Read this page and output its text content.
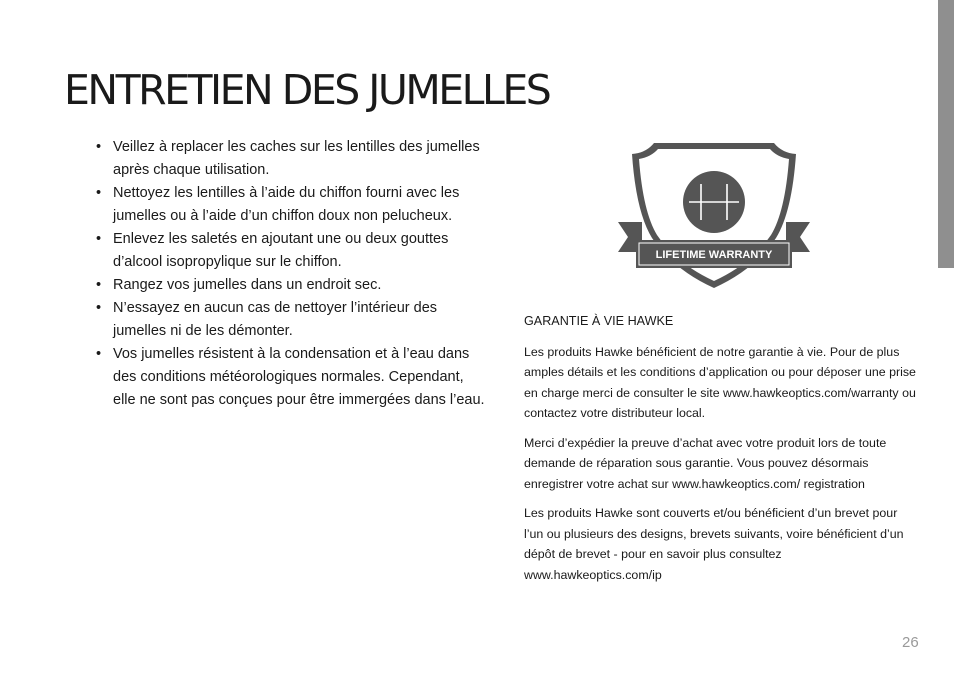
ENTRETIEN DES JUMELLES
• Veillez à replacer les caches sur les lentilles des jumelles après chaque utilisation.
• Nettoyez les lentilles à l’aide du chiffon fourni avec les jumelles ou à l’aide d’un chiffon doux non pelucheux.
• Enlevez les saletés en ajoutant une ou deux gouttes d’alcool isopropylique sur le chiffon.
• Rangez vos jumelles dans un endroit sec.
• N’essayez en aucun cas de nettoyer l’intérieur des jumelles ni de les démonter.
• Vos jumelles résistent à la condensation et à l’eau dans des conditions météorologiques normales. Cependant, elle ne sont pas conçues pour être immergées dans l’eau.
LIFETIME WARRANTY

GARANTIE À VIE HAWKE

Les produits Hawke bénéficient de notre garantie à vie. Pour de plus amples détails et les conditions d’application ou pour déposer une prise en charge merci de consulter le site www.hawkeoptics.com/warranty ou contactez votre distributeur local.

Merci d’expédier la preuve d’achat avec votre produit lors de toute demande de réparation sous garantie. Vous pouvez désormais enregistrer votre achat sur www.hawkeoptics.com/ registration

Les produits Hawke sont couverts et/ou bénéficient d’un brevet pour l’un ou plusieurs des designs, brevets suivants, voire bénéficient d’un dépôt de brevet - pour en savoir plus consultez www.hawkeoptics.com/ip

26
